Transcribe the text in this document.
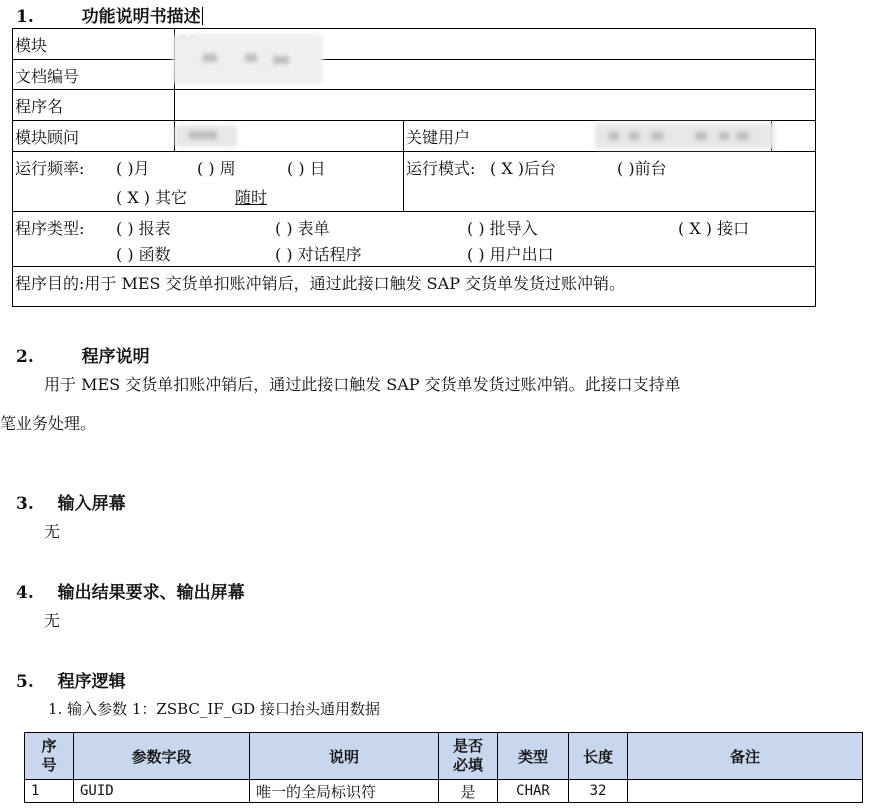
1.	功能说明书描述
模块
文档编号
程序名
模块顾问	关键用户
运行频率: ( )月	( ) 周	( ) 日
( X ) 其它	随时
运行模式: ( X )后台	( )前台
程序类型: ( ) 报表	( ) 表单	( ) 批导入	( X ) 接口
( ) 函数	( ) 对话程序	( ) 用户出口
程序目的:用于 MES 交货单扣账冲销后，通过此接口触发 SAP 交货单发货过账冲销。
2.	程序说明
用于 MES 交货单扣账冲销后，通过此接口触发 SAP 交货单发货过账冲销。此接口支持单
笔业务处理。
3. 输入屏幕
无
4. 输出结果要求、输出屏幕
无
5. 程序逻辑
1. 输入参数 1：ZSBC_IF_GD 接口抬头通用数据
序号	参数字段	说明	是否必填	类型	长度	备注
1	GUID	唯一的全局标识符	是	CHAR	32	
